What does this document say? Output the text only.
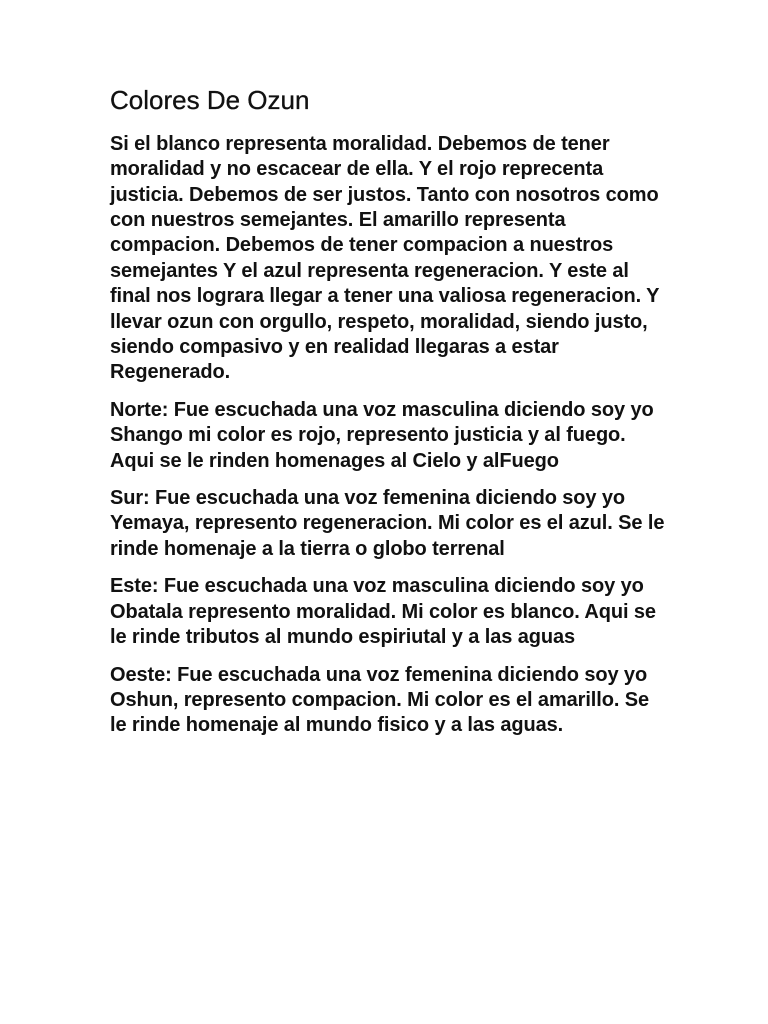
Colores De Ozun

Si el blanco representa moralidad. Debemos de tener moralidad y no escacear de ella. Y el rojo reprecenta justicia. Debemos de ser justos. Tanto con nosotros como con nuestros semejantes. El amarillo representa compacion. Debemos de tener compacion a nuestros semejantes Y el azul representa regeneracion. Y este al final nos lograra llegar a tener una valiosa regeneracion. Y llevar ozun con orgullo, respeto, moralidad, siendo justo, siendo compasivo y en realidad llegaras a estar Regenerado.

Norte: Fue escuchada una voz masculina diciendo soy yo Shango mi color es rojo, represento justicia y al fuego. Aqui se le rinden homenages al Cielo y alFuego

Sur: Fue escuchada una voz femenina diciendo soy yo Yemaya, represento regeneracion. Mi color es el azul. Se le rinde homenaje a la tierra o globo terrenal

Este: Fue escuchada una voz masculina diciendo soy yo Obatala represento moralidad. Mi color es blanco. Aqui se le rinde tributos al mundo espiriutal y a las aguas

Oeste: Fue escuchada una voz femenina diciendo soy yo Oshun, represento compacion. Mi color es el amarillo. Se le rinde homenaje al mundo fisico y a las aguas.
